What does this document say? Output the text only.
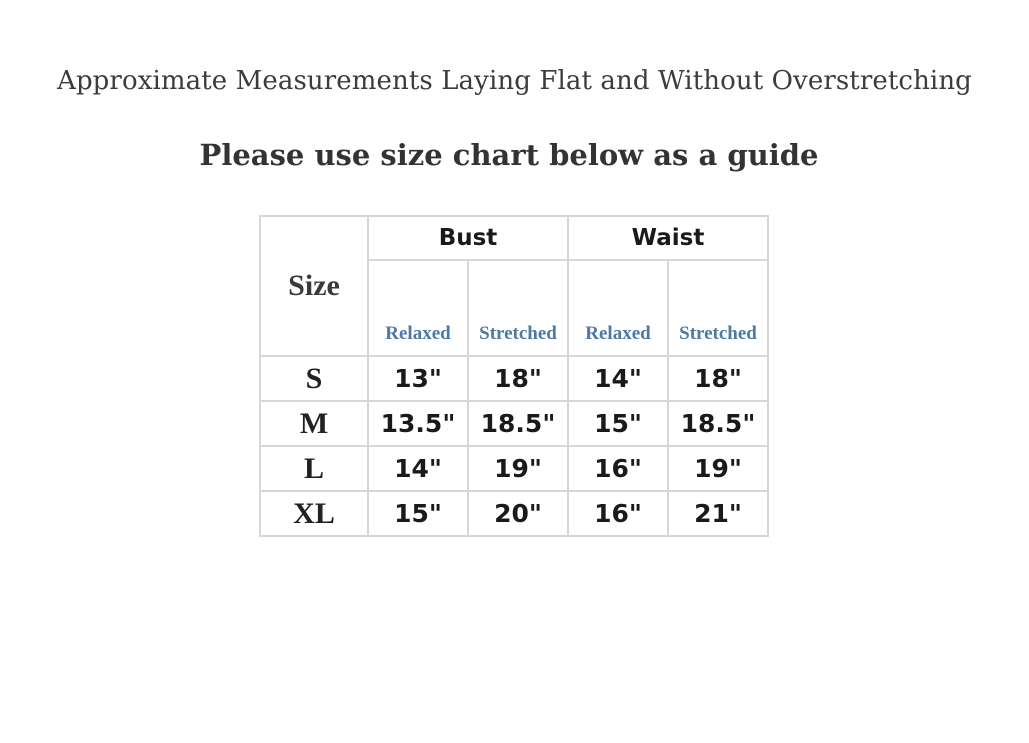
Approximate Measurements Laying Flat and Without Overstretching
Please use size chart below as a guide
Size	Bust		Waist	
	Relaxed	Stretched	Relaxed	Stretched
S	13"	18"	14"	18"
M	13.5"	18.5"	15"	18.5"
L	14"	19"	16"	19"
XL	15"	20"	16"	21"
